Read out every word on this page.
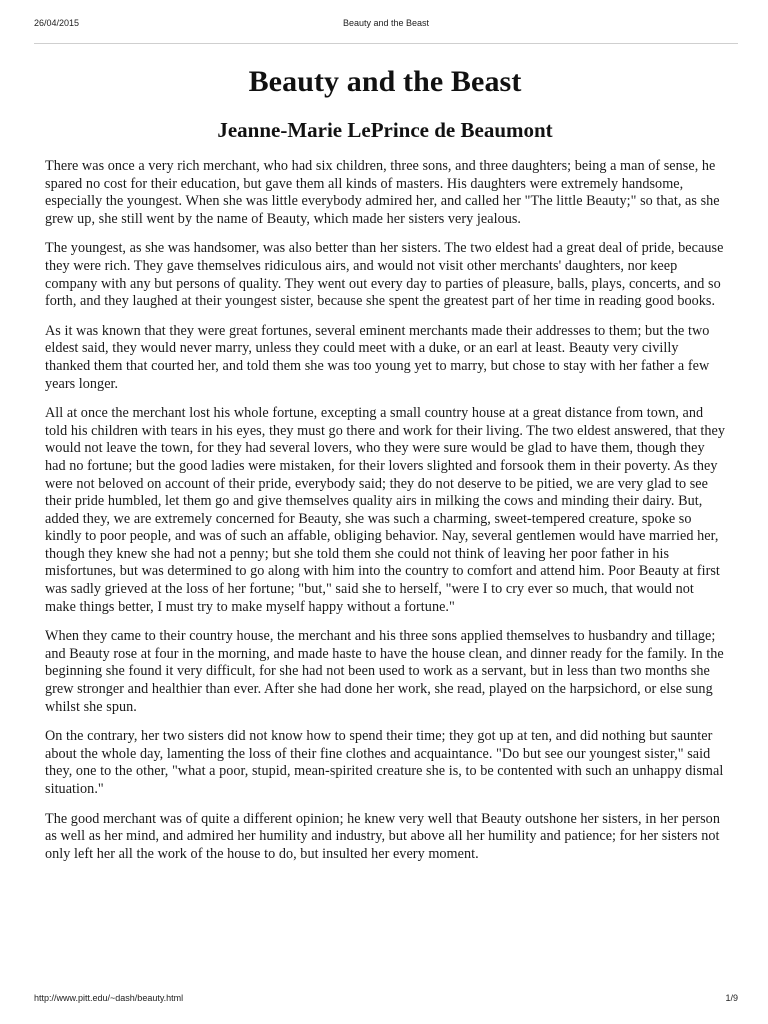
26/04/2015	Beauty and the Beast
Beauty and the Beast
Jeanne-Marie LePrince de Beaumont

There was once a very rich merchant, who had six children, three sons, and three daughters; being a man of sense, he spared no cost for their education, but gave them all kinds of masters. His daughters were extremely handsome, especially the youngest. When she was little everybody admired her, and called her "The little Beauty;" so that, as she grew up, she still went by the name of Beauty, which made her sisters very jealous.

The youngest, as she was handsomer, was also better than her sisters. The two eldest had a great deal of pride, because they were rich. They gave themselves ridiculous airs, and would not visit other merchants' daughters, nor keep company with any but persons of quality. They went out every day to parties of pleasure, balls, plays, concerts, and so forth, and they laughed at their youngest sister, because she spent the greatest part of her time in reading good books.

As it was known that they were great fortunes, several eminent merchants made their addresses to them; but the two eldest said, they would never marry, unless they could meet with a duke, or an earl at least. Beauty very civilly thanked them that courted her, and told them she was too young yet to marry, but chose to stay with her father a few years longer.

All at once the merchant lost his whole fortune, excepting a small country house at a great distance from town, and told his children with tears in his eyes, they must go there and work for their living. The two eldest answered, that they would not leave the town, for they had several lovers, who they were sure would be glad to have them, though they had no fortune; but the good ladies were mistaken, for their lovers slighted and forsook them in their poverty. As they were not beloved on account of their pride, everybody said; they do not deserve to be pitied, we are very glad to see their pride humbled, let them go and give themselves quality airs in milking the cows and minding their dairy. But, added they, we are extremely concerned for Beauty, she was such a charming, sweet-tempered creature, spoke so kindly to poor people, and was of such an affable, obliging behavior. Nay, several gentlemen would have married her, though they knew she had not a penny; but she told them she could not think of leaving her poor father in his misfortunes, but was determined to go along with him into the country to comfort and attend him. Poor Beauty at first was sadly grieved at the loss of her fortune; "but," said she to herself, "were I to cry ever so much, that would not make things better, I must try to make myself happy without a fortune."

When they came to their country house, the merchant and his three sons applied themselves to husbandry and tillage; and Beauty rose at four in the morning, and made haste to have the house clean, and dinner ready for the family. In the beginning she found it very difficult, for she had not been used to work as a servant, but in less than two months she grew stronger and healthier than ever. After she had done her work, she read, played on the harpsichord, or else sung whilst she spun.

On the contrary, her two sisters did not know how to spend their time; they got up at ten, and did nothing but saunter about the whole day, lamenting the loss of their fine clothes and acquaintance. "Do but see our youngest sister," said they, one to the other, "what a poor, stupid, mean-spirited creature she is, to be contented with such an unhappy dismal situation."

The good merchant was of quite a different opinion; he knew very well that Beauty outshone her sisters, in her person as well as her mind, and admired her humility and industry, but above all her humility and patience; for her sisters not only left her all the work of the house to do, but insulted her every moment.

http://www.pitt.edu/~dash/beauty.html	1/9
